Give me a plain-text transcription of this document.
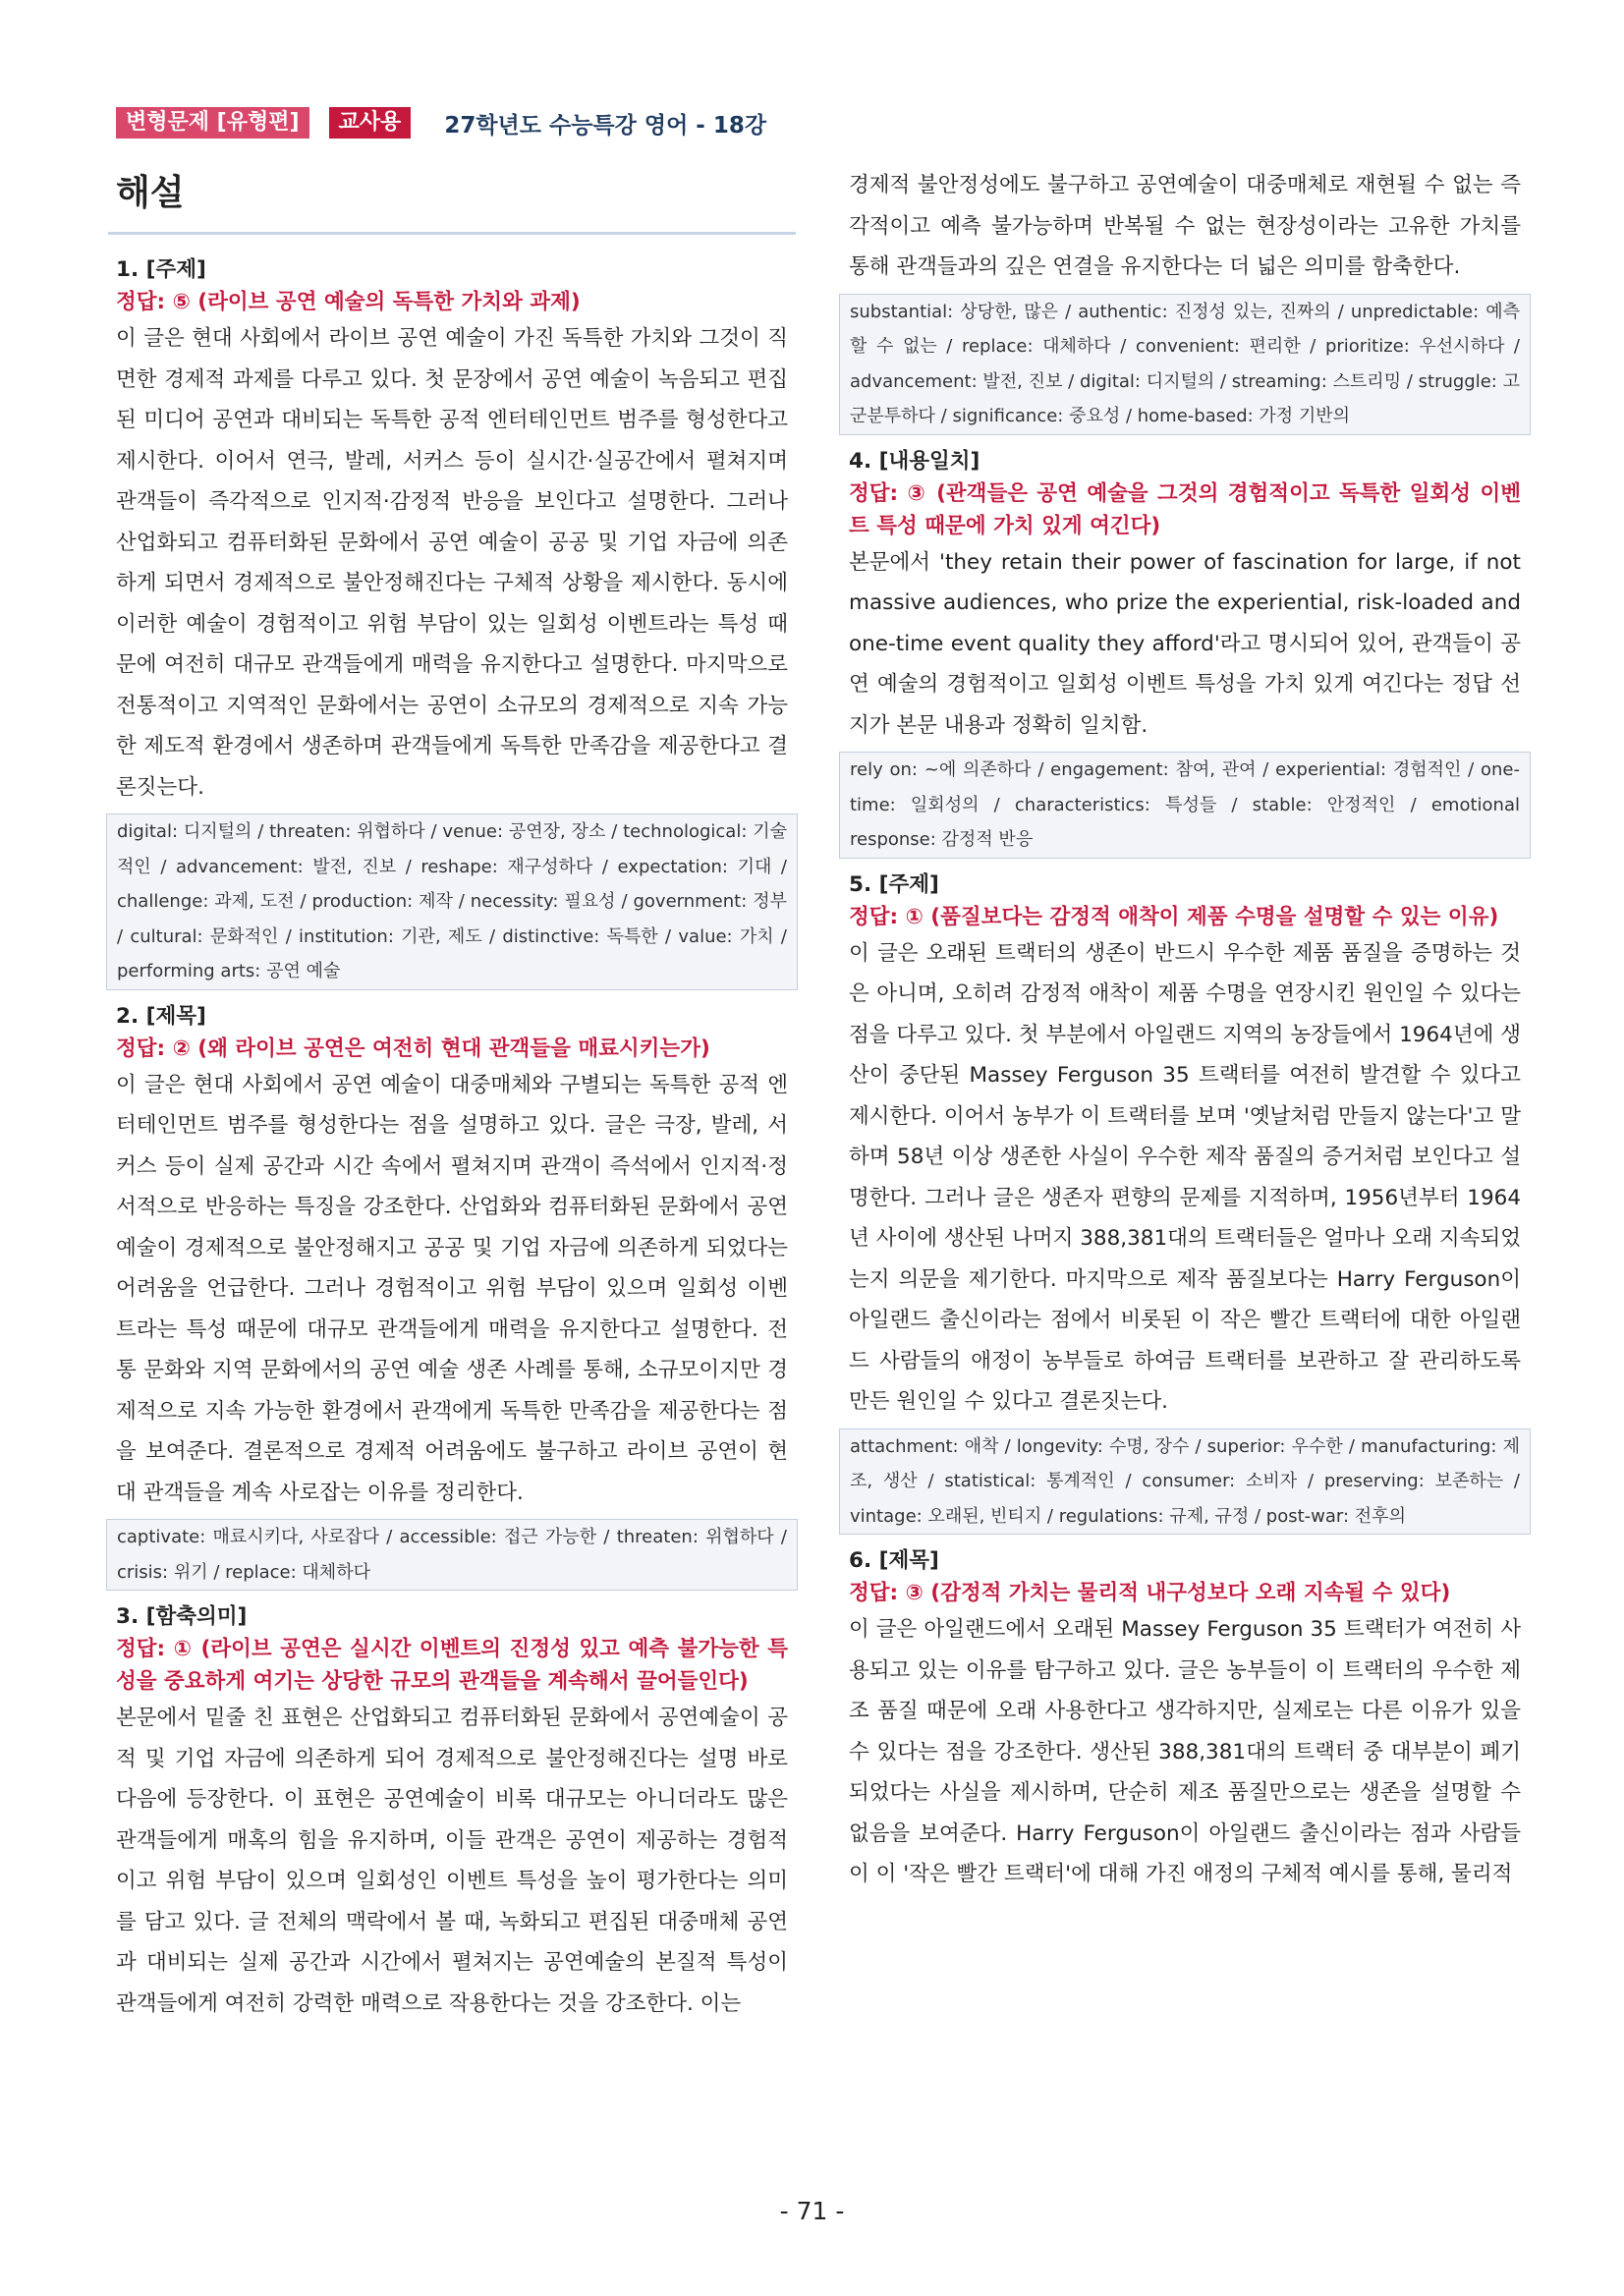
변형문제 [유형편]	교사용	27학년도 수능특강 영어 - 18강
해설
1. [주제]
정답: ⑤ (라이브 공연 예술의 독특한 가치와 과제)

이 글은 현대 사회에서 라이브 공연 예술이 가진 독특한 가치와 그것이 직면한 경제적 과제를 다루고 있다. 첫 문장에서 공연 예술이 녹음되고 편집된 미디어 공연과 대비되는 독특한 공적 엔터테인먼트 범주를 형성한다고 제시한다. 이어서 연극, 발레, 서커스 등이 실시간·실공간에서 펼쳐지며 관객들이 즉각적으로 인지적·감정적 반응을 보인다고 설명한다. 그러나 산업화되고 컴퓨터화된 문화에서 공연 예술이 공공 및 기업 자금에 의존하게 되면서 경제적으로 불안정해진다는 구체적 상황을 제시한다. 동시에 이러한 예술이 경험적이고 위험 부담이 있는 일회성 이벤트라는 특성 때문에 여전히 대규모 관객들에게 매력을 유지한다고 설명한다. 마지막으로 전통적이고 지역적인 문화에서는 공연이 소규모의 경제적으로 지속 가능한 제도적 환경에서 생존하며 관객들에게 독특한 만족감을 제공한다고 결론짓는다.

digital: 디지털의 / threaten: 위협하다 / venue: 공연장, 장소 / technological: 기술적인 / advancement: 발전, 진보 / reshape: 재구성하다 / expectation: 기대 / challenge: 과제, 도전 / production: 제작 / necessity: 필요성 / government: 정부 / cultural: 문화적인 / institution: 기관, 제도 / distinctive: 독특한 / value: 가치 / performing arts: 공연 예술
2. [제목]
정답: ② (왜 라이브 공연은 여전히 현대 관객들을 매료시키는가)

이 글은 현대 사회에서 공연 예술이 대중매체와 구별되는 독특한 공적 엔터테인먼트 범주를 형성한다는 점을 설명하고 있다. 글은 극장, 발레, 서커스 등이 실제 공간과 시간 속에서 펼쳐지며 관객이 즉석에서 인지적·정서적으로 반응하는 특징을 강조한다. 산업화와 컴퓨터화된 문화에서 공연 예술이 경제적으로 불안정해지고 공공 및 기업 자금에 의존하게 되었다는 어려움을 언급한다. 그러나 경험적이고 위험 부담이 있으며 일회성 이벤트라는 특성 때문에 대규모 관객들에게 매력을 유지한다고 설명한다. 전통 문화와 지역 문화에서의 공연 예술 생존 사례를 통해, 소규모이지만 경제적으로 지속 가능한 환경에서 관객에게 독특한 만족감을 제공한다는 점을 보여준다. 결론적으로 경제적 어려움에도 불구하고 라이브 공연이 현대 관객들을 계속 사로잡는 이유를 정리한다.

captivate: 매료시키다, 사로잡다 / accessible: 접근 가능한 / threaten: 위협하다 / crisis: 위기 / replace: 대체하다
3. [함축의미]
정답: ① (라이브 공연은 실시간 이벤트의 진정성 있고 예측 불가능한 특성을 중요하게 여기는 상당한 규모의 관객들을 계속해서 끌어들인다)

본문에서 밑줄 친 표현은 산업화되고 컴퓨터화된 문화에서 공연예술이 공적 및 기업 자금에 의존하게 되어 경제적으로 불안정해진다는 설명 바로 다음에 등장한다. 이 표현은 공연예술이 비록 대규모는 아니더라도 많은 관객들에게 매혹의 힘을 유지하며, 이들 관객은 공연이 제공하는 경험적이고 위험 부담이 있으며 일회성인 이벤트 특성을 높이 평가한다는 의미를 담고 있다. 글 전체의 맥락에서 볼 때, 녹화되고 편집된 대중매체 공연과 대비되는 실제 공간과 시간에서 펼쳐지는 공연예술의 본질적 특성이 관객들에게 여전히 강력한 매력으로 작용한다는 것을 강조한다. 이는

경제적 불안정성에도 불구하고 공연예술이 대중매체로 재현될 수 없는 즉각적이고 예측 불가능하며 반복될 수 없는 현장성이라는 고유한 가치를 통해 관객들과의 깊은 연결을 유지한다는 더 넓은 의미를 함축한다.

substantial: 상당한, 많은 / authentic: 진정성 있는, 진짜의 / unpredictable: 예측할 수 없는 / replace: 대체하다 / convenient: 편리한 / prioritize: 우선시하다 / advancement: 발전, 진보 / digital: 디지털의 / streaming: 스트리밍 / struggle: 고군분투하다 / significance: 중요성 / home-based: 가정 기반의
4. [내용일치]
정답: ③ (관객들은 공연 예술을 그것의 경험적이고 독특한 일회성 이벤트 특성 때문에 가치 있게 여긴다)

본문에서 'they retain their power of fascination for large, if not massive audiences, who prize the experiential, risk-loaded and one-time event quality they afford'라고 명시되어 있어, 관객들이 공연 예술의 경험적이고 일회성 이벤트 특성을 가치 있게 여긴다는 정답 선지가 본문 내용과 정확히 일치함.

rely on: ~에 의존하다 / engagement: 참여, 관여 / experiential: 경험적인 / one-time: 일회성의 / characteristics: 특성들 / stable: 안정적인 / emotional response: 감정적 반응
5. [주제]
정답: ① (품질보다는 감정적 애착이 제품 수명을 설명할 수 있는 이유)

이 글은 오래된 트랙터의 생존이 반드시 우수한 제품 품질을 증명하는 것은 아니며, 오히려 감정적 애착이 제품 수명을 연장시킨 원인일 수 있다는 점을 다루고 있다. 첫 부분에서 아일랜드 지역의 농장들에서 1964년에 생산이 중단된 Massey Ferguson 35 트랙터를 여전히 발견할 수 있다고 제시한다. 이어서 농부가 이 트랙터를 보며 '옛날처럼 만들지 않는다'고 말하며 58년 이상 생존한 사실이 우수한 제작 품질의 증거처럼 보인다고 설명한다. 그러나 글은 생존자 편향의 문제를 지적하며, 1956년부터 1964년 사이에 생산된 나머지 388,381대의 트랙터들은 얼마나 오래 지속되었는지 의문을 제기한다. 마지막으로 제작 품질보다는 Harry Ferguson이 아일랜드 출신이라는 점에서 비롯된 이 작은 빨간 트랙터에 대한 아일랜드 사람들의 애정이 농부들로 하여금 트랙터를 보관하고 잘 관리하도록 만든 원인일 수 있다고 결론짓는다.

attachment: 애착 / longevity: 수명, 장수 / superior: 우수한 / manufacturing: 제조, 생산 / statistical: 통계적인 / consumer: 소비자 / preserving: 보존하는 / vintage: 오래된, 빈티지 / regulations: 규제, 규정 / post-war: 전후의
6. [제목]
정답: ③ (감정적 가치는 물리적 내구성보다 오래 지속될 수 있다)

이 글은 아일랜드에서 오래된 Massey Ferguson 35 트랙터가 여전히 사용되고 있는 이유를 탐구하고 있다. 글은 농부들이 이 트랙터의 우수한 제조 품질 때문에 오래 사용한다고 생각하지만, 실제로는 다른 이유가 있을 수 있다는 점을 강조한다. 생산된 388,381대의 트랙터 중 대부분이 폐기되었다는 사실을 제시하며, 단순히 제조 품질만으로는 생존을 설명할 수 없음을 보여준다. Harry Ferguson이 아일랜드 출신이라는 점과 사람들이 이 '작은 빨간 트랙터'에 대해 가진 애정의 구체적 예시를 통해, 물리적

- 71 -
